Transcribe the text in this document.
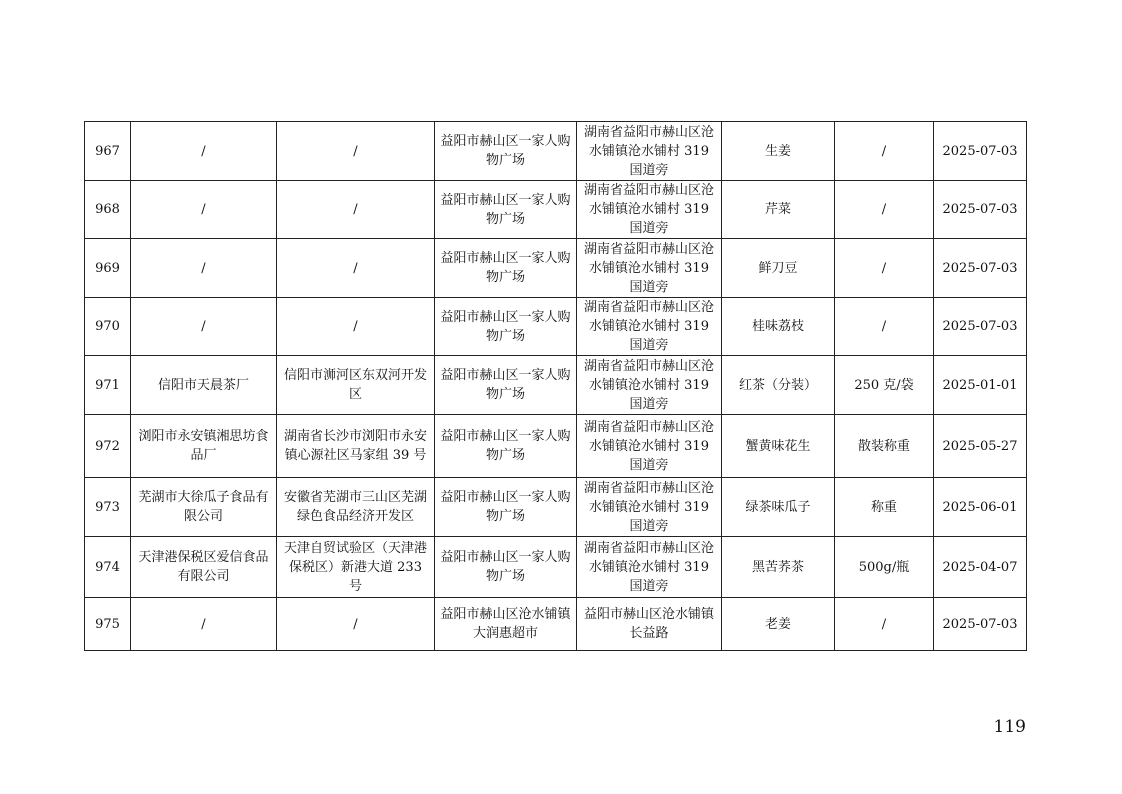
967	/	/	益阳市赫山区一家人购物广场	湖南省益阳市赫山区沧水铺镇沧水铺村 319 国道旁	生姜	/	2025-07-03
968	/	/	益阳市赫山区一家人购物广场	湖南省益阳市赫山区沧水铺镇沧水铺村 319 国道旁	芹菜	/	2025-07-03
969	/	/	益阳市赫山区一家人购物广场	湖南省益阳市赫山区沧水铺镇沧水铺村 319 国道旁	鲜刀豆	/	2025-07-03
970	/	/	益阳市赫山区一家人购物广场	湖南省益阳市赫山区沧水铺镇沧水铺村 319 国道旁	桂味荔枝	/	2025-07-03
971	信阳市天晨茶厂	信阳市浉河区东双河开发区	益阳市赫山区一家人购物广场	湖南省益阳市赫山区沧水铺镇沧水铺村 319 国道旁	红茶（分装）	250 克/袋	2025-01-01
972	浏阳市永安镇湘思坊食品厂	湖南省长沙市浏阳市永安镇心源社区马家组 39 号	益阳市赫山区一家人购物广场	湖南省益阳市赫山区沧水铺镇沧水铺村 319 国道旁	蟹黄味花生	散装称重	2025-05-27
973	芜湖市大徐瓜子食品有限公司	安徽省芜湖市三山区芜湖绿色食品经济开发区	益阳市赫山区一家人购物广场	湖南省益阳市赫山区沧水铺镇沧水铺村 319 国道旁	绿茶味瓜子	称重	2025-06-01
974	天津港保税区爱信食品有限公司	天津自贸试验区（天津港保税区）新港大道 233 号	益阳市赫山区一家人购物广场	湖南省益阳市赫山区沧水铺镇沧水铺村 319 国道旁	黑苦荞茶	500g/瓶	2025-04-07
975	/	/	益阳市赫山区沧水铺镇大润惠超市	益阳市赫山区沧水铺镇长益路	老姜	/	2025-07-03
119
